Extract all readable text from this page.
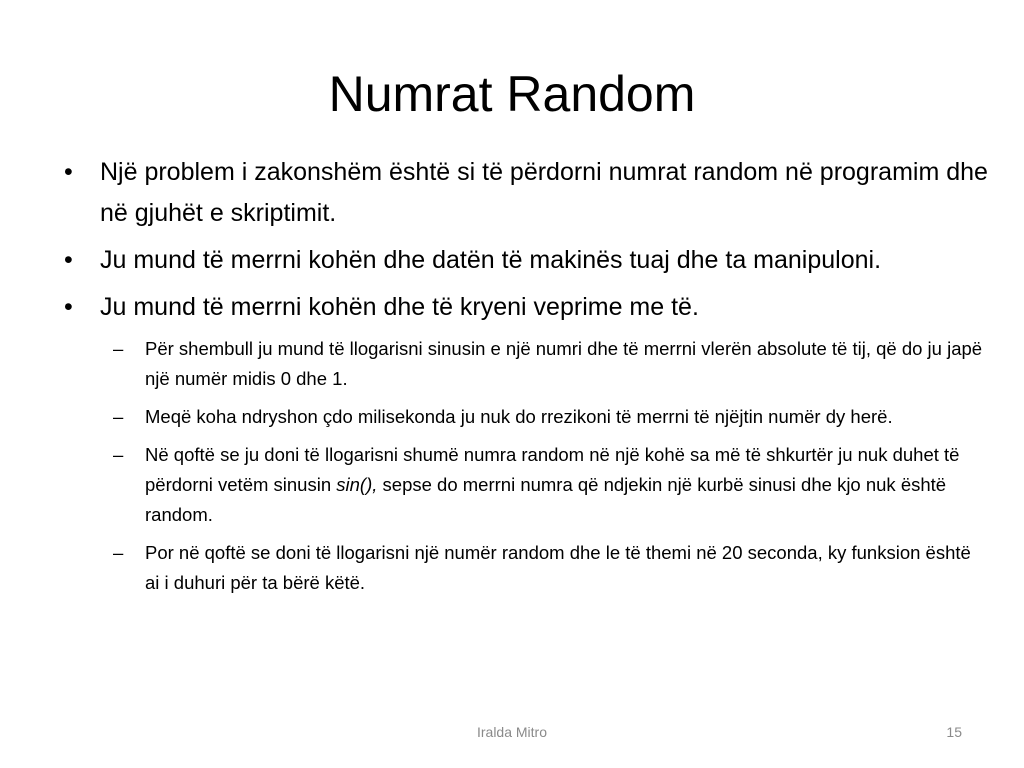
Numrat Random
• Një problem i zakonshëm është si të përdorni numrat random në programim dhe në gjuhët e skriptimit.
• Ju mund të merrni kohën dhe datën të makinës tuaj dhe ta manipuloni.
• Ju mund të merrni kohën dhe të kryeni veprime me të.
– Për shembull ju mund të llogarisni sinusin e një numri dhe të merrni vlerën absolute të tij, që do ju japë një numër midis 0 dhe 1.
– Meqë koha ndryshon çdo milisekonda ju nuk do rrezikoni të merrni të njëjtin numër dy herë.
– Në qoftë se ju doni të llogarisni shumë numra random në një kohë sa më të shkurtër ju nuk duhet të përdorni vetëm sinusin sin(), sepse do merrni numra që ndjekin një kurbë sinusi dhe kjo nuk është random.
– Por në qoftë se doni të llogarisni një numër random dhe le të themi në 20 seconda, ky funksion është ai i duhuri për ta bërë këtë.
Iralda Mitro	15
